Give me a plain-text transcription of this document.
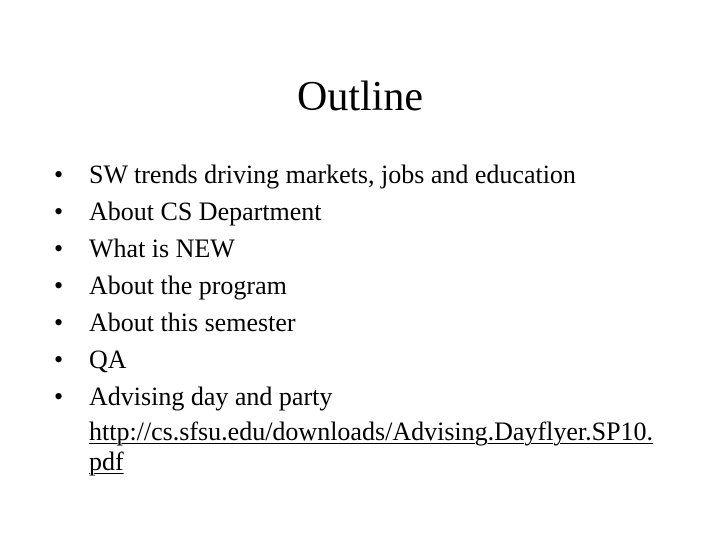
Outline
• SW trends driving markets, jobs and education
• About CS Department
• What is NEW
• About the program
• About this semester
• QA
• Advising day and party
http://cs.sfsu.edu/downloads/Advising.Dayflyer.SP10.pdf
